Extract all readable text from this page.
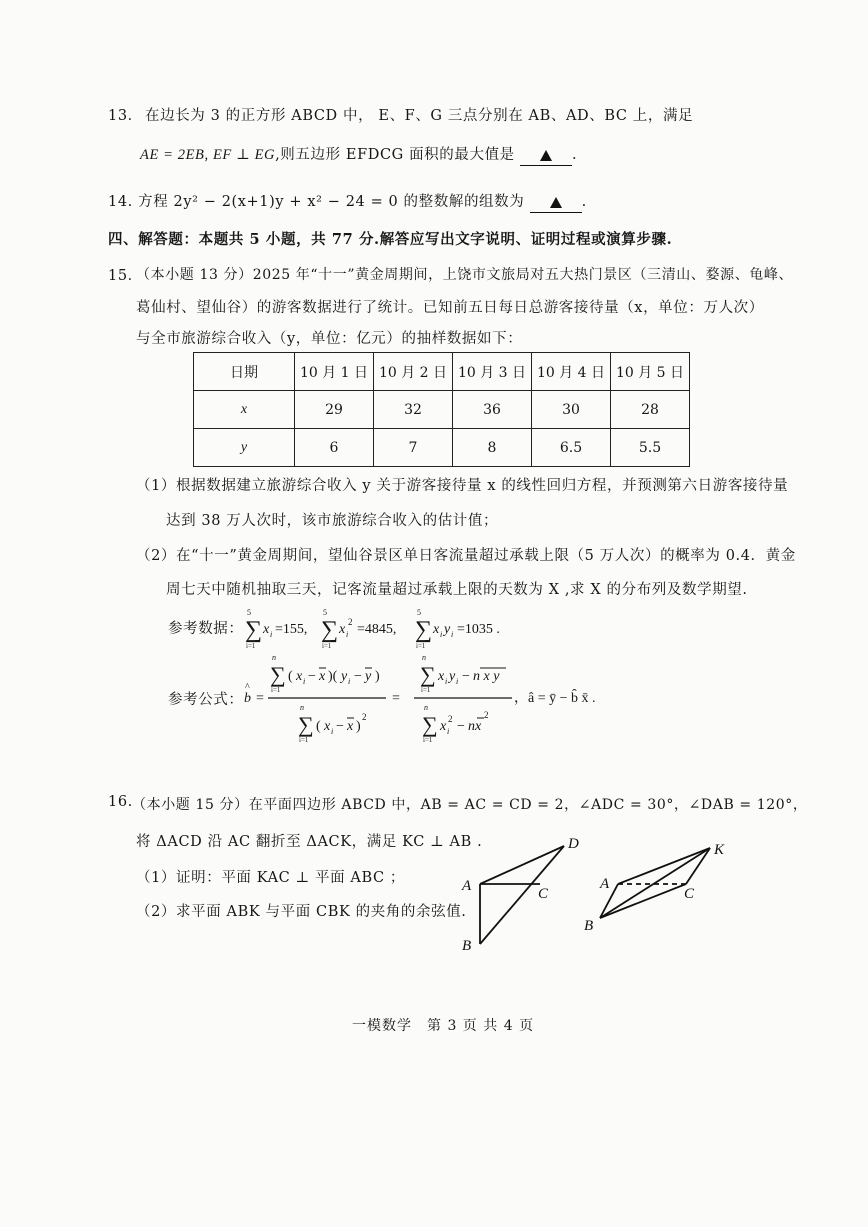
13． 在边长为 3 的正方形 ABCD 中， E、F、G 三点分别在 AB、AD、BC 上，满足
AE = 2EB, EF ⊥ EG,则五边形 EFDCG 面积的最大值是	.
14. 方程 2y² − 2(x+1)y + x² − 24 = 0 的整数解的组数为	.
四、解答题：本题共 5 小题，共 77 分.解答应写出文字说明、证明过程或演算步骤.
15．
（本小题 13 分）2025 年“十一”黄金周期间，上饶市文旅局对五大热门景区（三清山、婺源、龟峰、
葛仙村、望仙谷）的游客数据进行了统计。已知前五日每日总游客接待量（x，单位：万人次）
与全市旅游综合收入（y，单位：亿元）的抽样数据如下：
日期	10 月 1 日	10 月 2 日	10 月 3 日	10 月 4 日	10 月 5 日
x	29	32	36	30	28
y	6	7	8	6.5	5.5
（1）根据数据建立旅游综合收入 y 关于游客接待量 x 的线性回归方程，并预测第六日游客接待量
达到 38 万人次时，该市旅游综合收入的估计值；
（2）在“十一”黄金周期间，望仙谷景区单日客流量超过承载上限（5 万人次）的概率为 0.4．黄金
周七天中随机抽取三天，记客流量超过承载上限的天数为 X ,求 X 的分布列及数学期望.
参考数据：
5
∑
i=1
x i =155,
5
∑
i=1
x i
2 =4845,
5
∑
i=1
x i y i =1035 .
参考公式： b
^
=
n
∑
i=1
( x i − x )( y i − y )
n
∑
i=1
( x i − x )
2
=
n
∑
i=1
x i y i − n x y
n
∑
i=1
x i
2 − nx
2
，â = ȳ − b̂ x̄ .
16. （本小题 15 分）在平面四边形 ABCD 中，AB = AC = CD = 2，∠ADC = 30°，∠DAB = 120°，
将 ΔACD 沿 AC 翻折至 ΔACK，满足 KC ⊥ AB .
（1）证明：平面 KAC ⊥ 平面 ABC ；
（2）求平面 ABK 与平面 CBK 的夹角的余弦值.
D
A	C
B
K
A
C
B
一模数学　第 3 页 共 4 页
